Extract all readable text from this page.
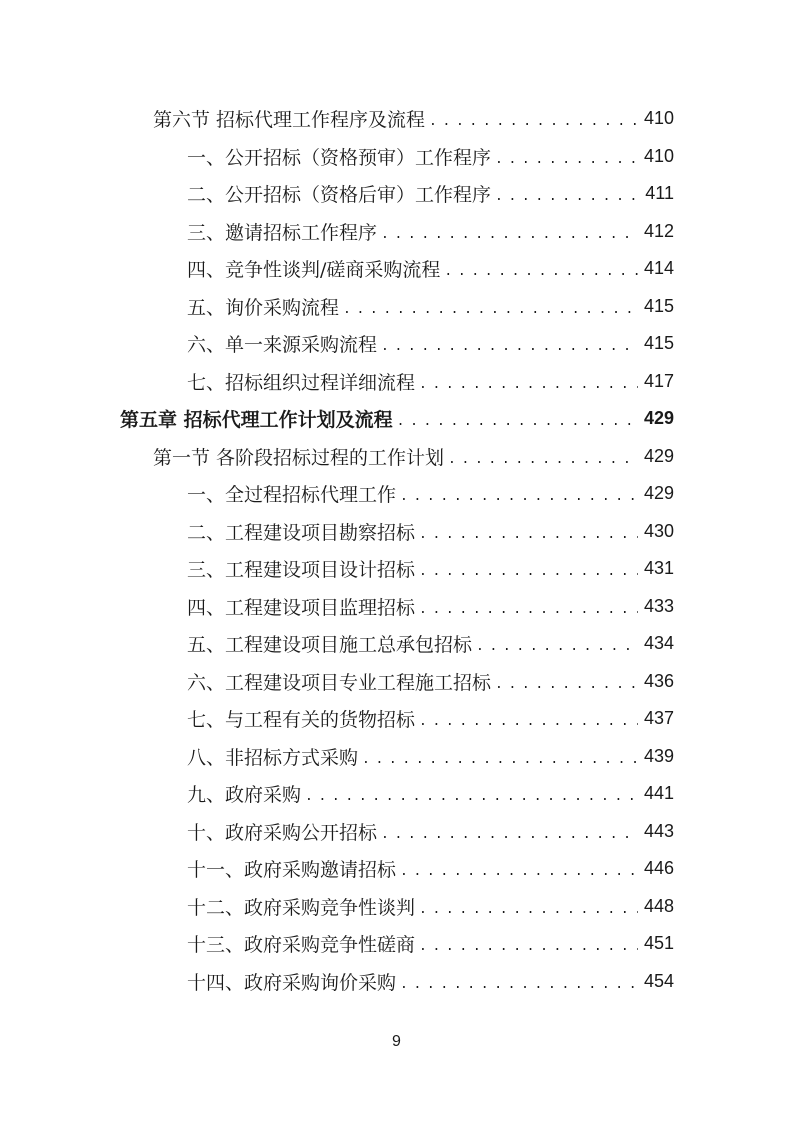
第六节 招标代理工作程序及流程 . . .	410
一、公开招标（资格预审）工作程序 . . .	410
二、公开招标（资格后审）工作程序 . . .	411
三、邀请招标工作程序 . . .	412
四、竞争性谈判/磋商采购流程 . . .	414
五、询价采购流程 . . .	415
六、单一来源采购流程 . . .	415
七、招标组织过程详细流程 . . .	417
第五章 招标代理工作计划及流程 . . .	429
第一节 各阶段招标过程的工作计划 . . .	429
一、全过程招标代理工作 . . .	429
二、工程建设项目勘察招标 . . .	430
三、工程建设项目设计招标 . . .	431
四、工程建设项目监理招标 . . .	433
五、工程建设项目施工总承包招标 . . .	434
六、工程建设项目专业工程施工招标 . . .	436
七、与工程有关的货物招标 . . .	437
八、非招标方式采购 . . .	439
九、政府采购 . . .	441
十、政府采购公开招标 . . .	443
十一、政府采购邀请招标 . . .	446
十二、政府采购竞争性谈判 . . .	448
十三、政府采购竞争性磋商 . . .	451
十四、政府采购询价采购 . . .	454
9
